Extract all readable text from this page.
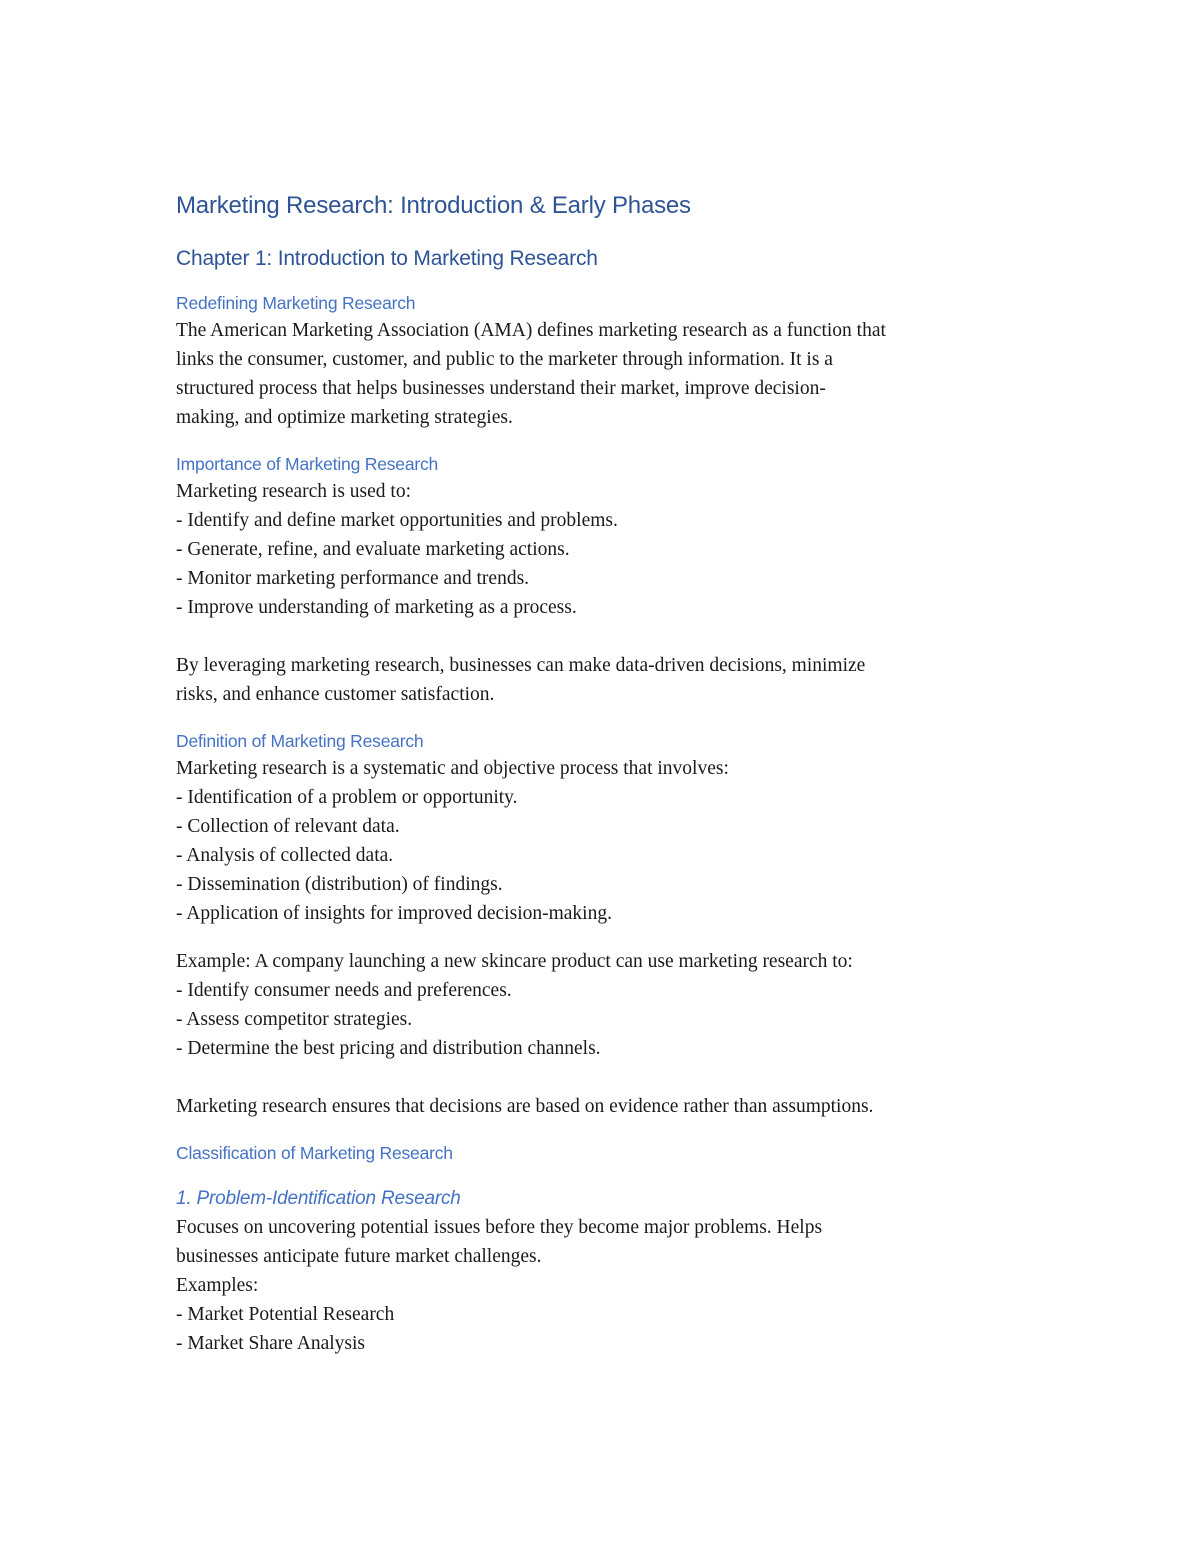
Marketing Research: Introduction & Early Phases
Chapter 1: Introduction to Marketing Research
Redefining Marketing Research
The American Marketing Association (AMA) defines marketing research as a function that
links the consumer, customer, and public to the marketer through information. It is a
structured process that helps businesses understand their market, improve decision-
making, and optimize marketing strategies.
Importance of Marketing Research
Marketing research is used to:
- Identify and define market opportunities and problems.
- Generate, refine, and evaluate marketing actions.
- Monitor marketing performance and trends.
- Improve understanding of marketing as a process.
By leveraging marketing research, businesses can make data-driven decisions, minimize
risks, and enhance customer satisfaction.
Definition of Marketing Research
Marketing research is a systematic and objective process that involves:
- Identification of a problem or opportunity.
- Collection of relevant data.
- Analysis of collected data.
- Dissemination (distribution) of findings.
- Application of insights for improved decision-making.
Example: A company launching a new skincare product can use marketing research to:
- Identify consumer needs and preferences.
- Assess competitor strategies.
- Determine the best pricing and distribution channels.
Marketing research ensures that decisions are based on evidence rather than assumptions.
Classification of Marketing Research
1. Problem-Identification Research
Focuses on uncovering potential issues before they become major problems. Helps
businesses anticipate future market challenges.
Examples:
- Market Potential Research
- Market Share Analysis
